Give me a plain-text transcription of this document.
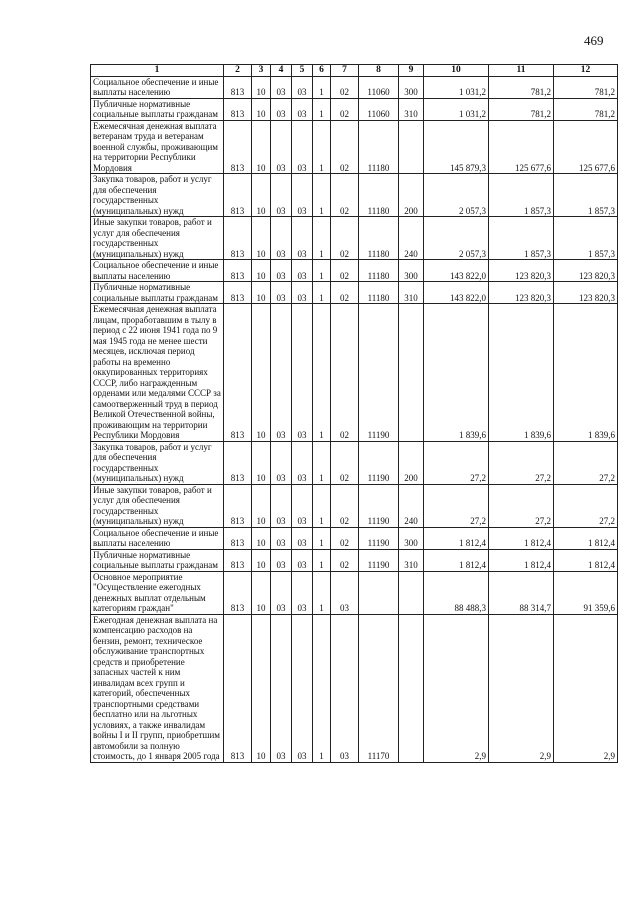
469
1	2	3	4	5	6	7	8	9	10	11	12
Социальное обеспечение и иные выплаты населению	813	10	03	03	1	02	11060	300	1 031,2	781,2	781,2
Публичные нормативные социальные выплаты гражданам	813	10	03	03	1	02	11060	310	1 031,2	781,2	781,2
Ежемесячная денежная выплата ветеранам труда и ветеранам военной службы, проживающим на территории Республики Мордовия	813	10	03	03	1	02	11180		145 879,3	125 677,6	125 677,6
Закупка товаров, работ и услуг для обеспечения государственных (муниципальных) нужд	813	10	03	03	1	02	11180	200	2 057,3	1 857,3	1 857,3
Иные закупки товаров, работ и услуг для обеспечения государственных (муниципальных) нужд	813	10	03	03	1	02	11180	240	2 057,3	1 857,3	1 857,3
Социальное обеспечение и иные выплаты населению	813	10	03	03	1	02	11180	300	143 822,0	123 820,3	123 820,3
Публичные нормативные социальные выплаты гражданам	813	10	03	03	1	02	11180	310	143 822,0	123 820,3	123 820,3
Ежемесячная денежная выплата лицам, проработавшим в тылу в период с 22 июня 1941 года по 9 мая 1945 года не менее шести месяцев, исключая период работы на временно оккупированных территориях СССР, либо награжденным орденами или медалями СССР за самоотверженный труд в период Великой Отечественной войны, проживающим на территории Республики Мордовия	813	10	03	03	1	02	11190		1 839,6	1 839,6	1 839,6
Закупка товаров, работ и услуг для обеспечения государственных (муниципальных) нужд	813	10	03	03	1	02	11190	200	27,2	27,2	27,2
Иные закупки товаров, работ и услуг для обеспечения государственных (муниципальных) нужд	813	10	03	03	1	02	11190	240	27,2	27,2	27,2
Социальное обеспечение и иные выплаты населению	813	10	03	03	1	02	11190	300	1 812,4	1 812,4	1 812,4
Публичные нормативные социальные выплаты гражданам	813	10	03	03	1	02	11190	310	1 812,4	1 812,4	1 812,4
Основное мероприятие "Осуществление ежегодных денежных выплат отдельным категориям граждан"	813	10	03	03	1	03			88 488,3	88 314,7	91 359,6
Ежегодная денежная выплата на компенсацию расходов на бензин, ремонт, техническое обслуживание транспортных средств и приобретение запасных частей к ним инвалидам всех групп и категорий, обеспеченных транспортными средствами бесплатно или на льготных условиях, а также инвалидам войны I и II групп, приобретшим автомобили за полную стоимость, до 1 января 2005 года	813	10	03	03	1	03	11170		2,9	2,9	2,9
